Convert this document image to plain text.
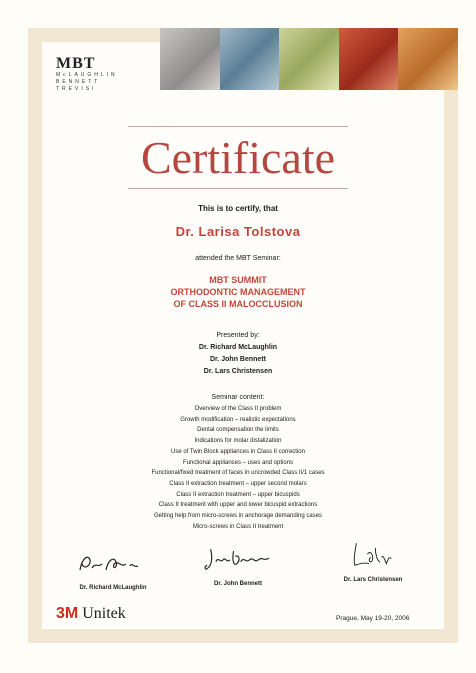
MBT
McLAUGHLIN
BENNETT
TREVISI
Certificate
This is to certify, that
Dr. Larisa Tolstova
attended the MBT Seminar:
MBT SUMMIT
ORTHODONTIC MANAGEMENT
OF CLASS II MALOCCLUSION
Presented by:
Dr. Richard McLaughlin
Dr. John Bennett
Dr. Lars Christensen
Seminar content:
Overview of the Class II problem
Growth modification – realistic expectations
Dental compensation the limits
Indications for molar distalization
Use of Twin Block appliances in Class II correction
Functional appliances – uses and options
Functional/fixed treatment of faces in uncrowded Class II/1 cases
Class II extraction treatment – upper second molars
Class II extraction treatment – upper bicuspids
Class II treatment with upper and lower bicuspid extractions
Getting help from micro-screws in anchorage demanding cases
Micro-screws in Class II treatment
Dr. Richard McLaughlin
Dr. John Bennett
Dr. Lars Christensen
3M Unitek	Prague, May 19-20, 2006
